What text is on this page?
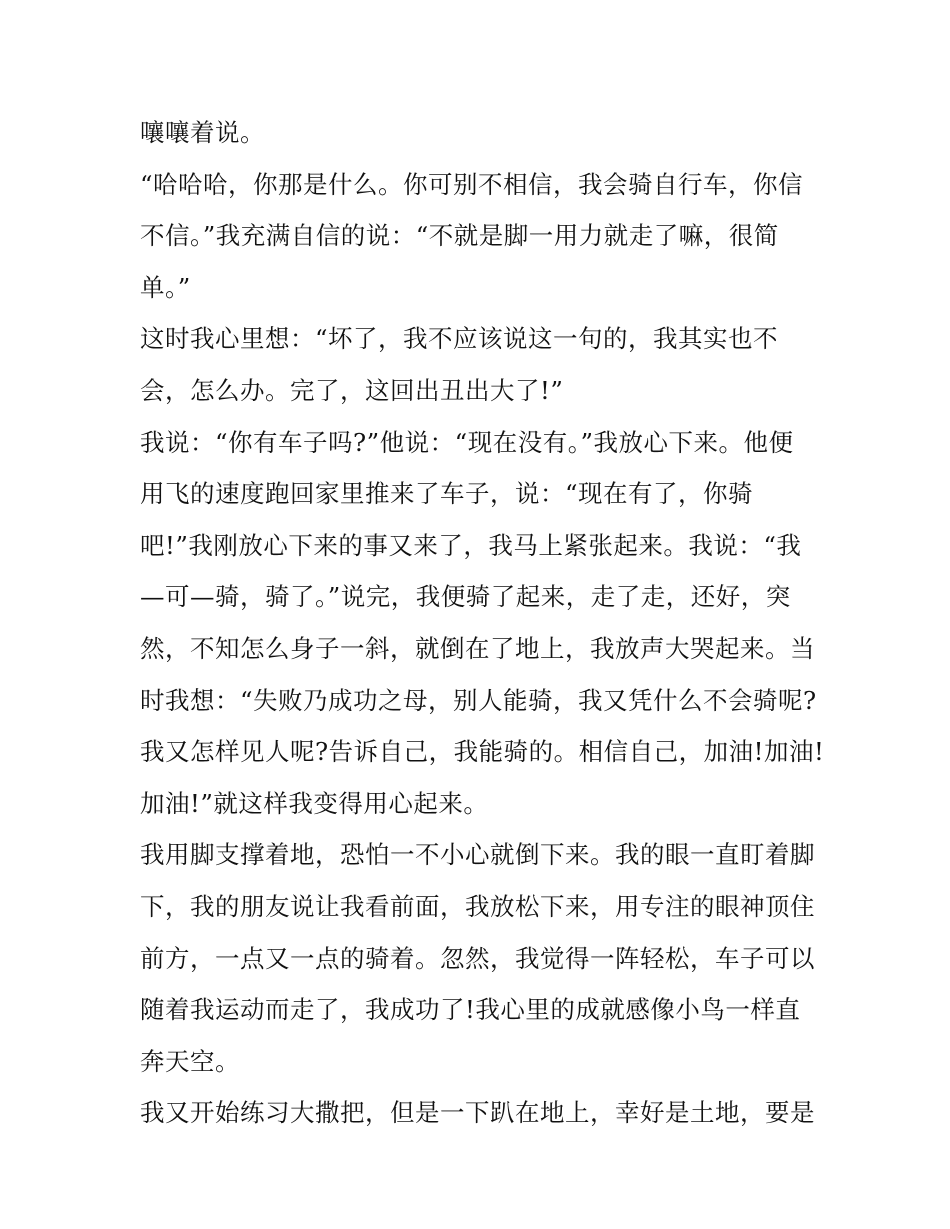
嚷嚷着说。
“哈哈哈，你那是什么。你可别不相信，我会骑自行车，你信
不信。”我充满自信的说：“不就是脚一用力就走了嘛，很简
单。”
这时我心里想：“坏了，我不应该说这一句的，我其实也不
会，怎么办。完了，这回出丑出大了!”
我说：“你有车子吗?”他说：“现在没有。”我放心下来。他便
用飞的速度跑回家里推来了车子，说：“现在有了，你骑
吧!”我刚放心下来的事又来了，我马上紧张起来。我说：“我
—可—骑，骑了。”说完，我便骑了起来，走了走，还好，突
然，不知怎么身子一斜，就倒在了地上，我放声大哭起来。当
时我想：“失败乃成功之母，别人能骑，我又凭什么不会骑呢?
我又怎样见人呢?告诉自己，我能骑的。相信自己，加油!加油!
加油!”就这样我变得用心起来。
我用脚支撑着地，恐怕一不小心就倒下来。我的眼一直盯着脚
下，我的朋友说让我看前面，我放松下来，用专注的眼神顶住
前方，一点又一点的骑着。忽然，我觉得一阵轻松，车子可以
随着我运动而走了，我成功了!我心里的成就感像小鸟一样直
奔天空。
我又开始练习大撒把，但是一下趴在地上，幸好是土地，要是
